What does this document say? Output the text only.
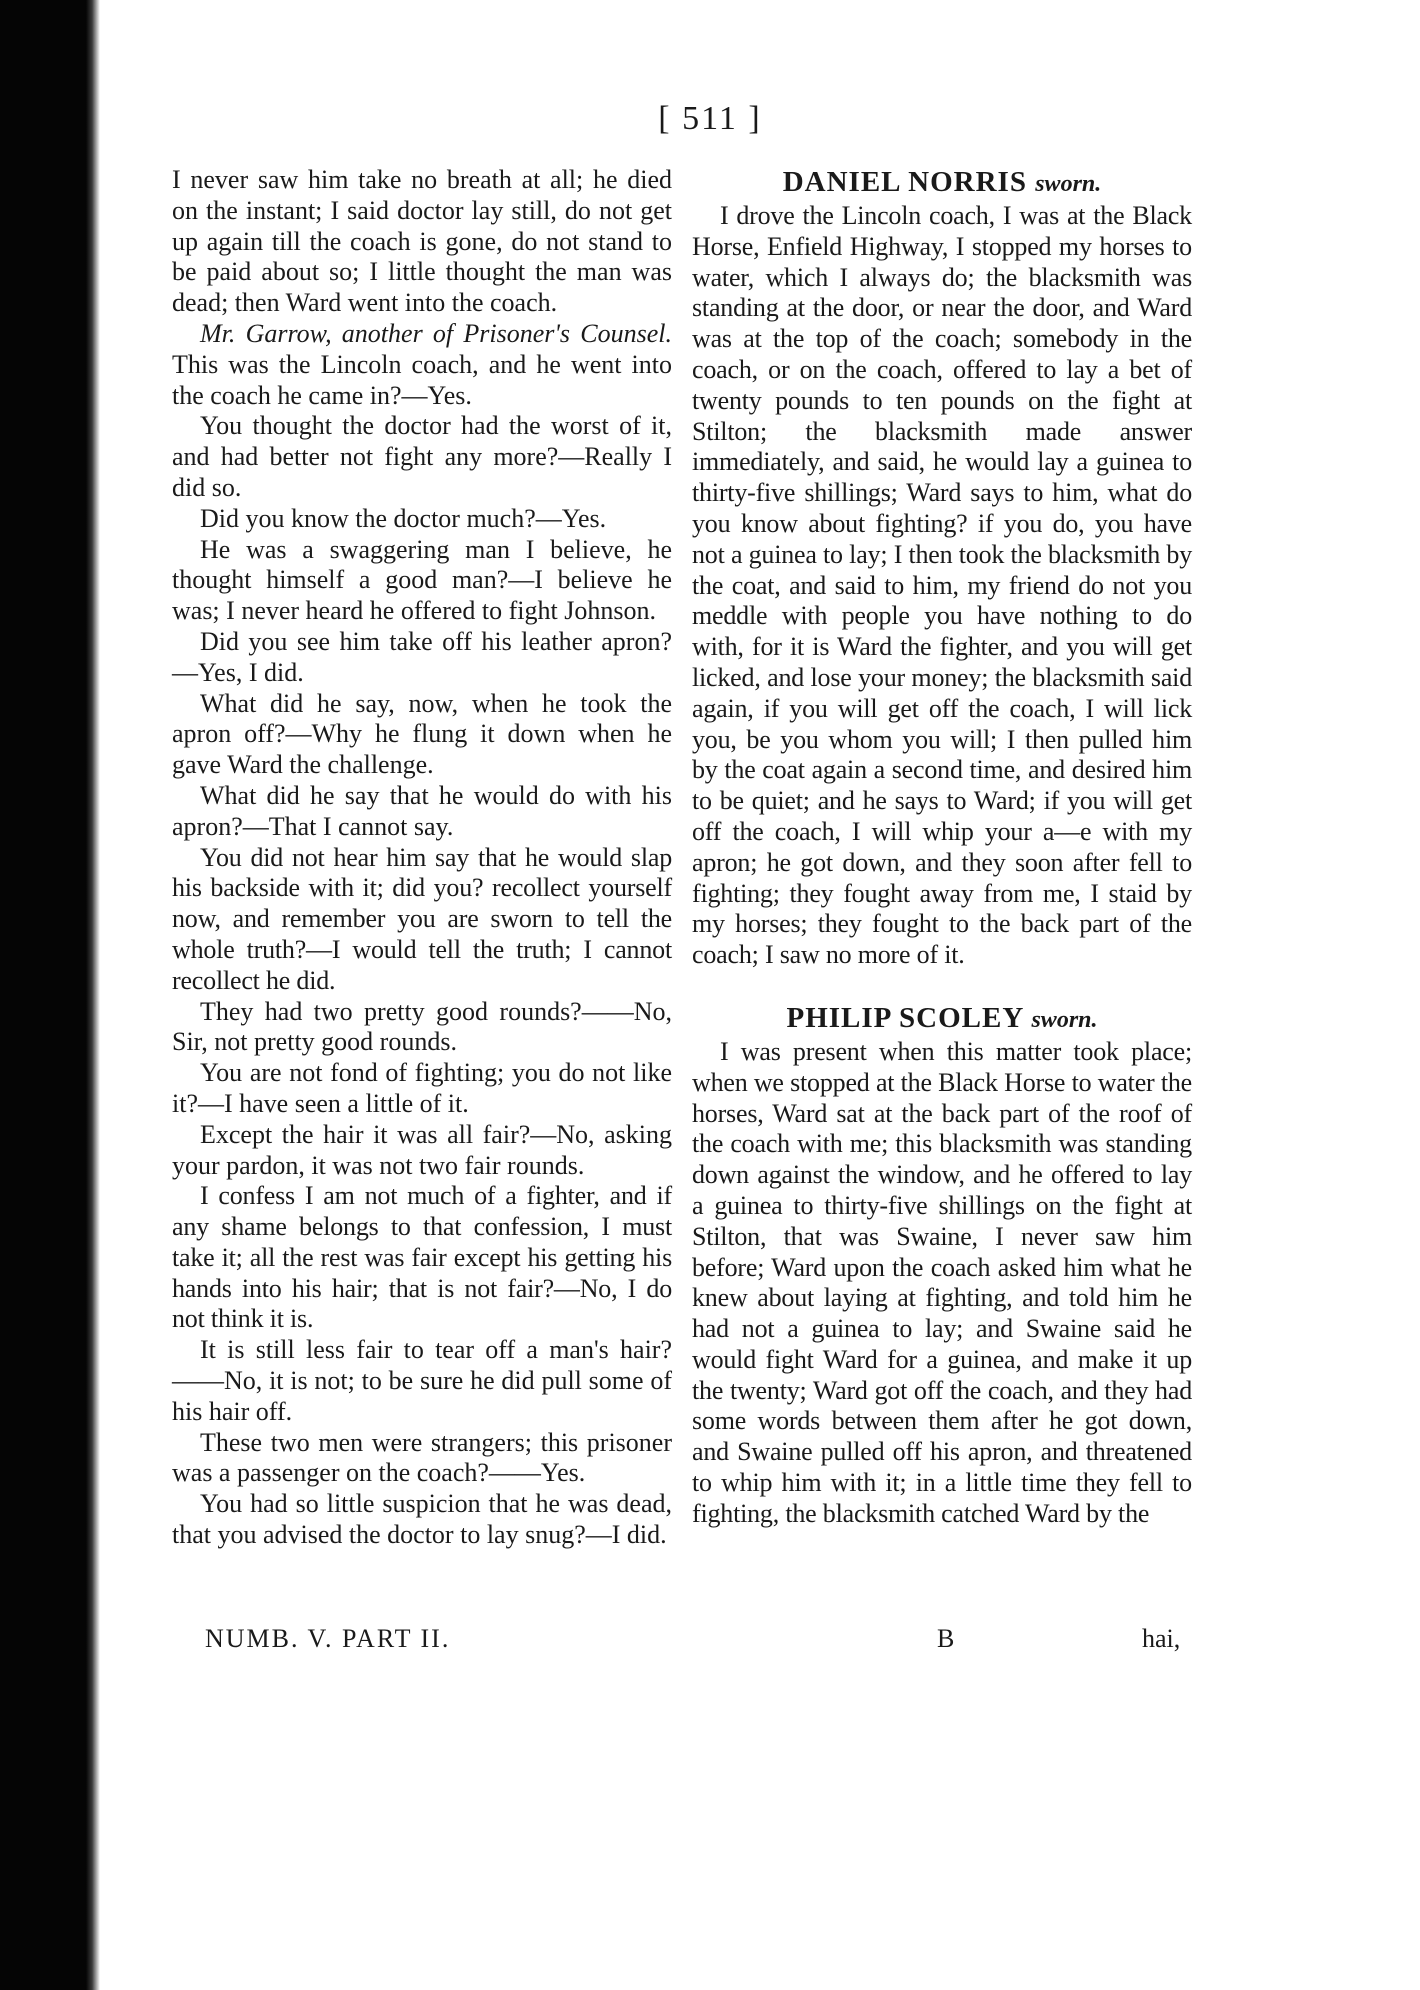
[ 511 ]

I never saw him take no breath at all; he died on the instant; I said doctor lay still, do not get up again till the coach is gone, do not stand to be paid about so; I little thought the man was dead; then Ward went into the coach.

Mr. Garrow, another of Prisoner's Counsel. This was the Lincoln coach, and he went into the coach he came in?—Yes.

You thought the doctor had the worst of it, and had better not fight any more?—Really I did so.

Did you know the doctor much?—Yes.

He was a swaggering man I believe, he thought himself a good man?—I believe he was; I never heard he offered to fight Johnson.

Did you see him take off his leather apron?—Yes, I did.

What did he say, now, when he took the apron off?—Why he flung it down when he gave Ward the challenge.

What did he say that he would do with his apron?—That I cannot say.

You did not hear him say that he would slap his backside with it; did you? recollect yourself now, and remember you are sworn to tell the whole truth?—I would tell the truth; I cannot recollect he did.

They had two pretty good rounds?——No, Sir, not pretty good rounds.

You are not fond of fighting; you do not like it?—I have seen a little of it.

Except the hair it was all fair?—No, asking your pardon, it was not two fair rounds.

I confess I am not much of a fighter, and if any shame belongs to that confession, I must take it; all the rest was fair except his getting his hands into his hair; that is not fair?—No, I do not think it is.

It is still less fair to tear off a man's hair?——No, it is not; to be sure he did pull some of his hair off.

These two men were strangers; this prisoner was a passenger on the coach?——Yes.

You had so little suspicion that he was dead, that you advised the doctor to lay snug?—I did.

DANIEL NORRIS sworn.

I drove the Lincoln coach, I was at the Black Horse, Enfield Highway, I stopped my horses to water, which I always do; the blacksmith was standing at the door, or near the door, and Ward was at the top of the coach; somebody in the coach, or on the coach, offered to lay a bet of twenty pounds to ten pounds on the fight at Stilton; the blacksmith made answer immediately, and said, he would lay a guinea to thirty-five shillings; Ward says to him, what do you know about fighting? if you do, you have not a guinea to lay; I then took the blacksmith by the coat, and said to him, my friend do not you meddle with people you have nothing to do with, for it is Ward the fighter, and you will get licked, and lose your money; the blacksmith said again, if you will get off the coach, I will lick you, be you whom you will; I then pulled him by the coat again a second time, and desired him to be quiet; and he says to Ward; if you will get off the coach, I will whip your a—e with my apron; he got down, and they soon after fell to fighting; they fought away from me, I staid by my horses; they fought to the back part of the coach; I saw no more of it.

PHILIP SCOLEY sworn.

I was present when this matter took place; when we stopped at the Black Horse to water the horses, Ward sat at the back part of the roof of the coach with me; this blacksmith was standing down against the window, and he offered to lay a guinea to thirty-five shillings on the fight at Stilton, that was Swaine, I never saw him before; Ward upon the coach asked him what he knew about laying at fighting, and told him he had not a guinea to lay; and Swaine said he would fight Ward for a guinea, and make it up the twenty; Ward got off the coach, and they had some words between them after he got down, and Swaine pulled off his apron, and threatened to whip him with it; in a little time they fell to fighting, the blacksmith catched Ward by the

NUMB. V. PART II.	B	hai,
